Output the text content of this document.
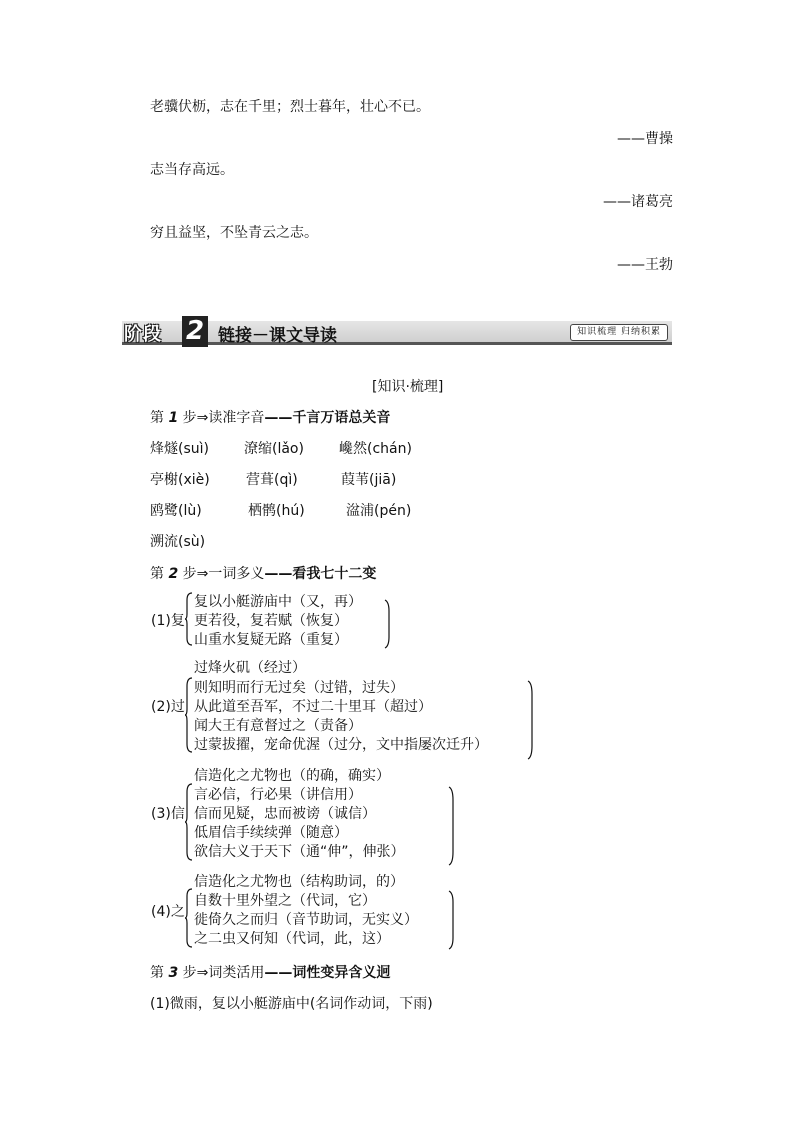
老骥伏枥，志在千里；烈士暮年，壮心不已。
——曹操
志当存高远。
——诸葛亮
穷且益坚，不坠青云之志。
——王勃
阶段 2 链接－课文导读	知识梳理 归纳积累
[知识·梳理]
第 1 步⇒读准字音——千言万语总关音
烽燧(suì)	潦缩(lǎo)	巉然(chán)
亭榭(xiè)	营葺(qì)	葭苇(jiā)
鸥鹭(lù)	栖鹘(hú)	湓浦(pén)
溯流(sù)
第 2 步⇒一词多义——看我七十二变
(1)复
复以小艇游庙中（又，再）
更若役，复若赋（恢复）
山重水复疑无路（重复）
(2)过
过烽火矶（经过）
则知明而行无过矣（过错，过失）
从此道至吾军，不过二十里耳（超过）
闻大王有意督过之（责备）
过蒙拔擢，宠命优渥（过分，文中指屡次迁升）
(3)信
信造化之尤物也（的确，确实）
言必信，行必果（讲信用）
信而见疑，忠而被谤（诚信）
低眉信手续续弹（随意）
欲信大义于天下（通“伸”，伸张）
(4)之
信造化之尤物也（结构助词，的）
自数十里外望之（代词，它）
徙倚久之而归（音节助词，无实义）
之二虫又何知（代词，此，这）
第 3 步⇒词类活用——词性变异含义迥
(1)微雨，复以小艇游庙中(名词作动词，下雨)
